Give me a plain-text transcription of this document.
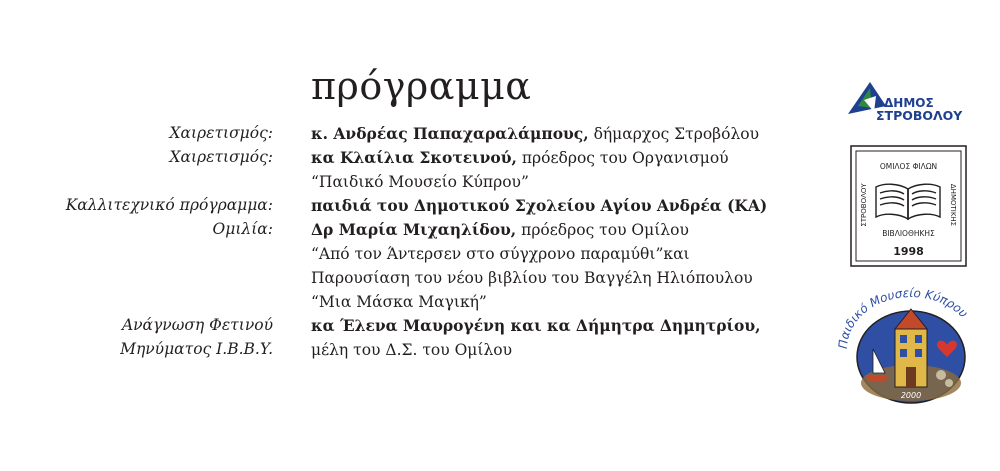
πρόγραμμα
Χαιρετισμός: κ. Ανδρέας Παπαχαραλάμπους, δήμαρχος Στροβόλου
Χαιρετισμός: κα Κλαίλια Σκοτεινού, πρόεδρος του Οργανισμού
“Παιδικό Μουσείο Κύπρου”
Καλλιτεχνικό πρόγραμμα: παιδιά του Δημοτικού Σχολείου Αγίου Ανδρέα (ΚΑ)
Ομιλία: Δρ Μαρία Μιχαηλίδου, πρόεδρος του Ομίλου
“Από τον Άντερσεν στο σύγχρονο παραμύθι”και
Παρουσίαση του νέου βιβλίου του Βαγγέλη Ηλιόπουλου
“Μια Μάσκα Μαγική”
Ανάγνωση Φετινού κα Έλενα Μαυρογένη και κα Δήμητρα Δημητρίου,
Μηνύματος I.B.B.Y. μέλη του Δ.Σ. του Ομίλου
ΔΗΜΟΣ
ΣΤΡΟΒΟΛΟΥ
ΟΜΙΛΟΣ ΦΙΛΩΝ
ΣΤΡΟΒΟΛΟΥ	ΔΗΜΟΤΙΚΗΣ
ΒΙΒΛΙΟΘΗΚΗΣ
1998
Παιδικό Μουσείο Κύπρου
2000
